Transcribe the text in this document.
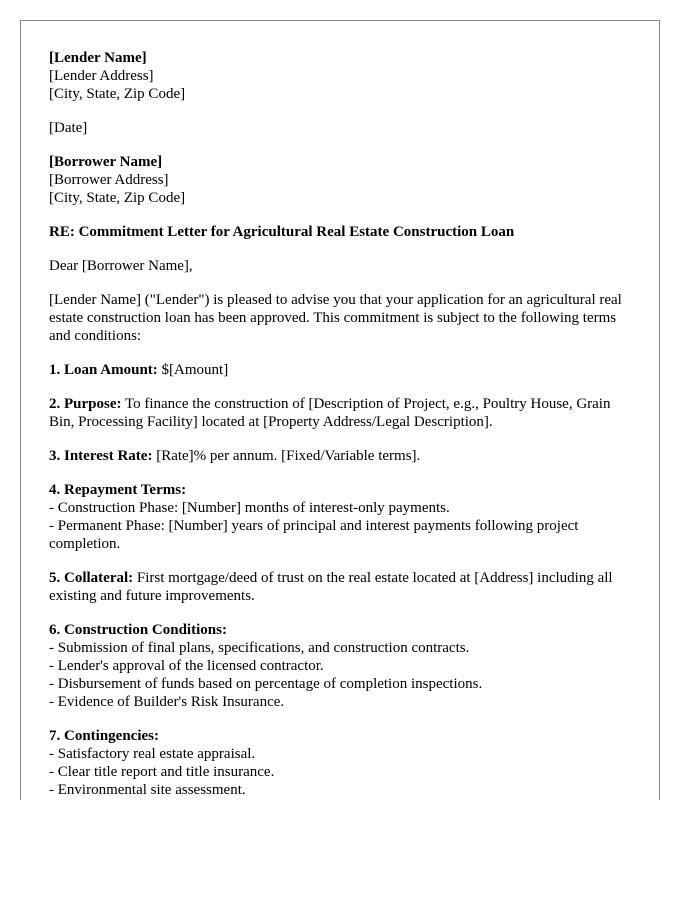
[Lender Name]
[Lender Address]
[City, State, Zip Code]
[Date]
[Borrower Name]
[Borrower Address]
[City, State, Zip Code]

RE: Commitment Letter for Agricultural Real Estate Construction Loan

Dear [Borrower Name],

[Lender Name] ("Lender") is pleased to advise you that your application for an agricultural real estate construction loan has been approved. This commitment is subject to the following terms and conditions:

1. Loan Amount: $[Amount]

2. Purpose: To finance the construction of [Description of Project, e.g., Poultry House, Grain Bin, Processing Facility] located at [Property Address/Legal Description].

3. Interest Rate: [Rate]% per annum. [Fixed/Variable terms].

4. Repayment Terms:
- Construction Phase: [Number] months of interest-only payments.
- Permanent Phase: [Number] years of principal and interest payments following project completion.

5. Collateral: First mortgage/deed of trust on the real estate located at [Address] including all existing and future improvements.

6. Construction Conditions:
- Submission of final plans, specifications, and construction contracts.
- Lender's approval of the licensed contractor.
- Disbursement of funds based on percentage of completion inspections.
- Evidence of Builder's Risk Insurance.
7. Contingencies:
- Satisfactory real estate appraisal.
- Clear title report and title insurance.
- Environmental site assessment.
